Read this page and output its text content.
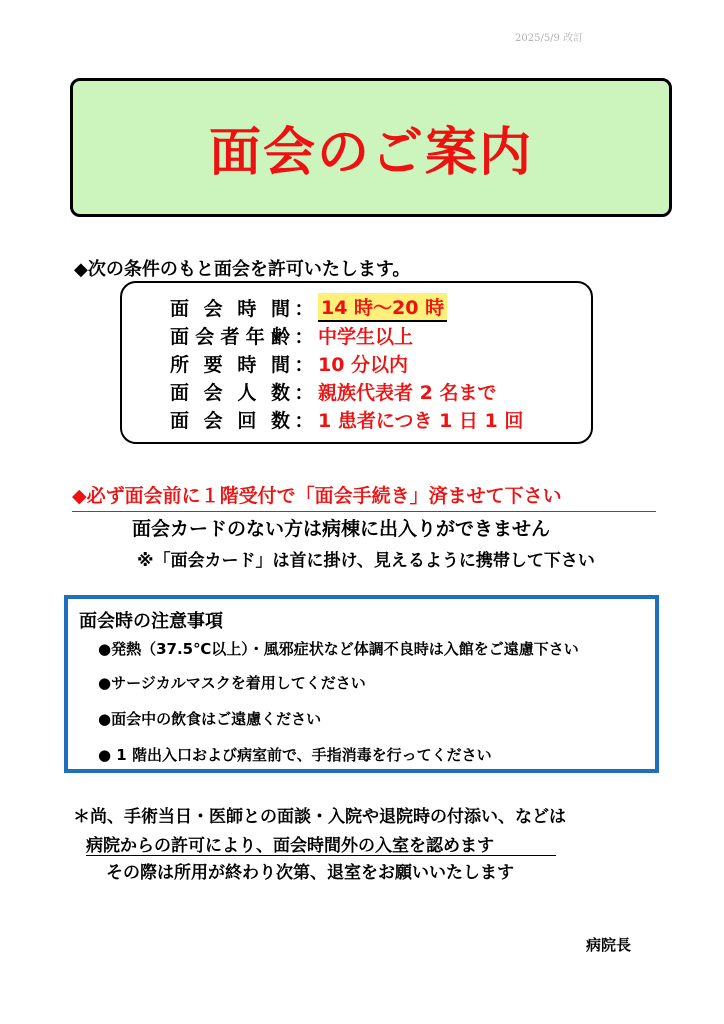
2025/5/9 改訂
面会のご案内
◆次の条件のもと面会を許可いたします。
面会時間 ： 14 時〜20 時
面会者年齢 ： 中学生以上
所要時間 ： 10 分以内
面会人数 ： 親族代表者 2 名まで
面会回数 ： 1 患者につき 1 日 1 回
◆必ず面会前に１階受付で「面会手続き」済ませて下さい
面会カードのない方は病棟に出入りができません
※「面会カード」は首に掛け、見えるように携帯して下さい
面会時の注意事項
●発熱（37.5℃以上）・風邪症状など体調不良時は入館をご遠慮下さい
●サージカルマスクを着用してください
●面会中の飲食はご遠慮ください
● 1 階出入口および病室前で、手指消毒を行ってください
＊尚、手術当日・医師との面談・入院や退院時の付添い、などは
病院からの許可により、面会時間外の入室を認めます
その際は所用が終わり次第、退室をお願いいたします
病院長
